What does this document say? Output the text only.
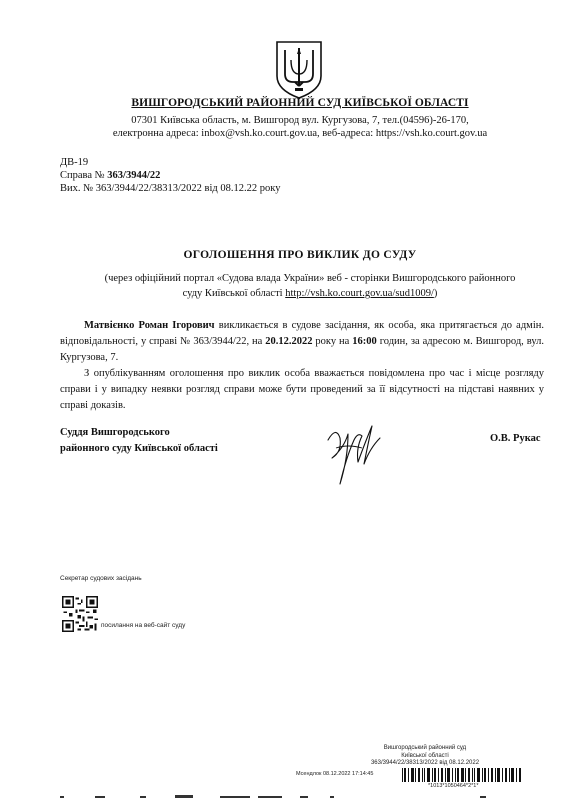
ВИШГОРОДСЬКИЙ РАЙОННИЙ СУД КИЇВСЬКОЇ ОБЛАСТІ
07301 Київська область, м. Вишгород вул. Кургузова, 7, тел.(04596)-26-170,
електронна адреса: inbox@vsh.ko.court.gov.ua, веб-адреса: https://vsh.ko.court.gov.ua
ДВ-19
Справа № 363/3944/22
Вих. № 363/3944/22/38313/2022 від 08.12.22 року
ОГОЛОШЕННЯ ПРО ВИКЛИК ДО СУДУ
(через офіційний портал «Судова влада України» веб - сторінки Вишгородського районного
суду Київської області http://vsh.ko.court.gov.ua/sud1009/)
Матвієнко Роман Ігорович викликається в судове засідання, як особа, яка притягається до адмін. відповідальності, у справі № 363/3944/22, на 20.12.2022 року на 16:00 годин, за адресою м. Вишгород, вул. Кургузова, 7.
З опублікуванням оголошення про виклик особа вважається повідомлена про час і місце розгляду справи і у випадку неявки розгляд справи може бути проведений за її відсутності на підставі наявних у справі доказів.
Суддя Вишгородського
районного суду Київської області
О.В. Рукас
Секретар судових засідань
посилання на веб-сайт суду
Вишгородський районний суд
Київської області
363/3944/22/38313/2022 від 08.12.2022
Мсендлок 08.12.2022 17:14:45
*1013*1050464*2*1*
